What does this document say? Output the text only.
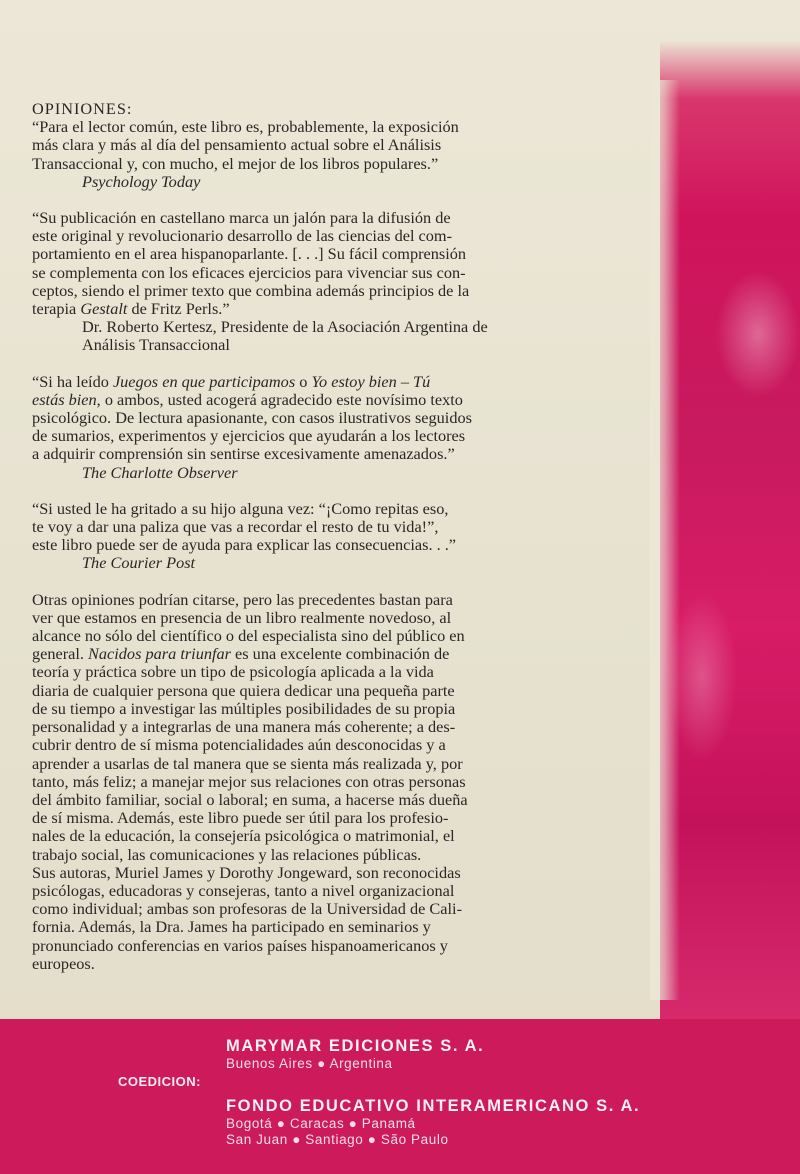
OPINIONES:

“Para el lector común, este libro es, probablemente, la exposición

más clara y más al día del pensamiento actual sobre el Análisis

Transaccional y, con mucho, el mejor de los libros populares.”

Psychology Today

“Su publicación en castellano marca un jalón para la difusión de

este original y revolucionario desarrollo de las ciencias del com-

portamiento en el area hispanoparlante. [. . .] Su fácil comprensión

se complementa con los eficaces ejercicios para vivenciar sus con-

ceptos, siendo el primer texto que combina además principios de la

terapia Gestalt de Fritz Perls.”

Dr. Roberto Kertesz, Presidente de la Asociación Argentina de

Análisis Transaccional

“Si ha leído Juegos en que participamos o Yo estoy bien – Tú

estás bien, o ambos, usted acogerá agradecido este novísimo texto

psicológico. De lectura apasionante, con casos ilustrativos seguidos

de sumarios, experimentos y ejercicios que ayudarán a los lectores

a adquirir comprensión sin sentirse excesivamente amenazados.”

The Charlotte Observer

“Si usted le ha gritado a su hijo alguna vez: “¡Como repitas eso,

te voy a dar una paliza que vas a recordar el resto de tu vida!”,

este libro puede ser de ayuda para explicar las consecuencias. . .”

The Courier Post

Otras opiniones podrían citarse, pero las precedentes bastan para

ver que estamos en presencia de un libro realmente novedoso, al

alcance no sólo del científico o del especialista sino del público en

general. Nacidos para triunfar es una excelente combinación de

teoría y práctica sobre un tipo de psicología aplicada a la vida

diaria de cualquier persona que quiera dedicar una pequeña parte

de su tiempo a investigar las múltiples posibilidades de su propia

personalidad y a integrarlas de una manera más coherente; a des-

cubrir dentro de sí misma potencialidades aún desconocidas y a

aprender a usarlas de tal manera que se sienta más realizada y, por

tanto, más feliz; a manejar mejor sus relaciones con otras personas

del ámbito familiar, social o laboral; en suma, a hacerse más dueña

de sí misma. Además, este libro puede ser útil para los profesio-

nales de la educación, la consejería psicológica o matrimonial, el

trabajo social, las comunicaciones y las relaciones públicas.

Sus autoras, Muriel James y Dorothy Jongeward, son reconocidas

psicólogas, educadoras y consejeras, tanto a nivel organizacional

como individual; ambas son profesoras de la Universidad de Cali-

fornia. Además, la Dra. James ha participado en seminarios y

pronunciado conferencias en varios países hispanoamericanos y

europeos.

COEDICION:
MARYMAR EDICIONES S. A.
Buenos Aires ● Argentina
FONDO EDUCATIVO INTERAMERICANO S. A.
Bogotá ● Caracas ● Panamá
San Juan ● Santiago ● São Paulo
